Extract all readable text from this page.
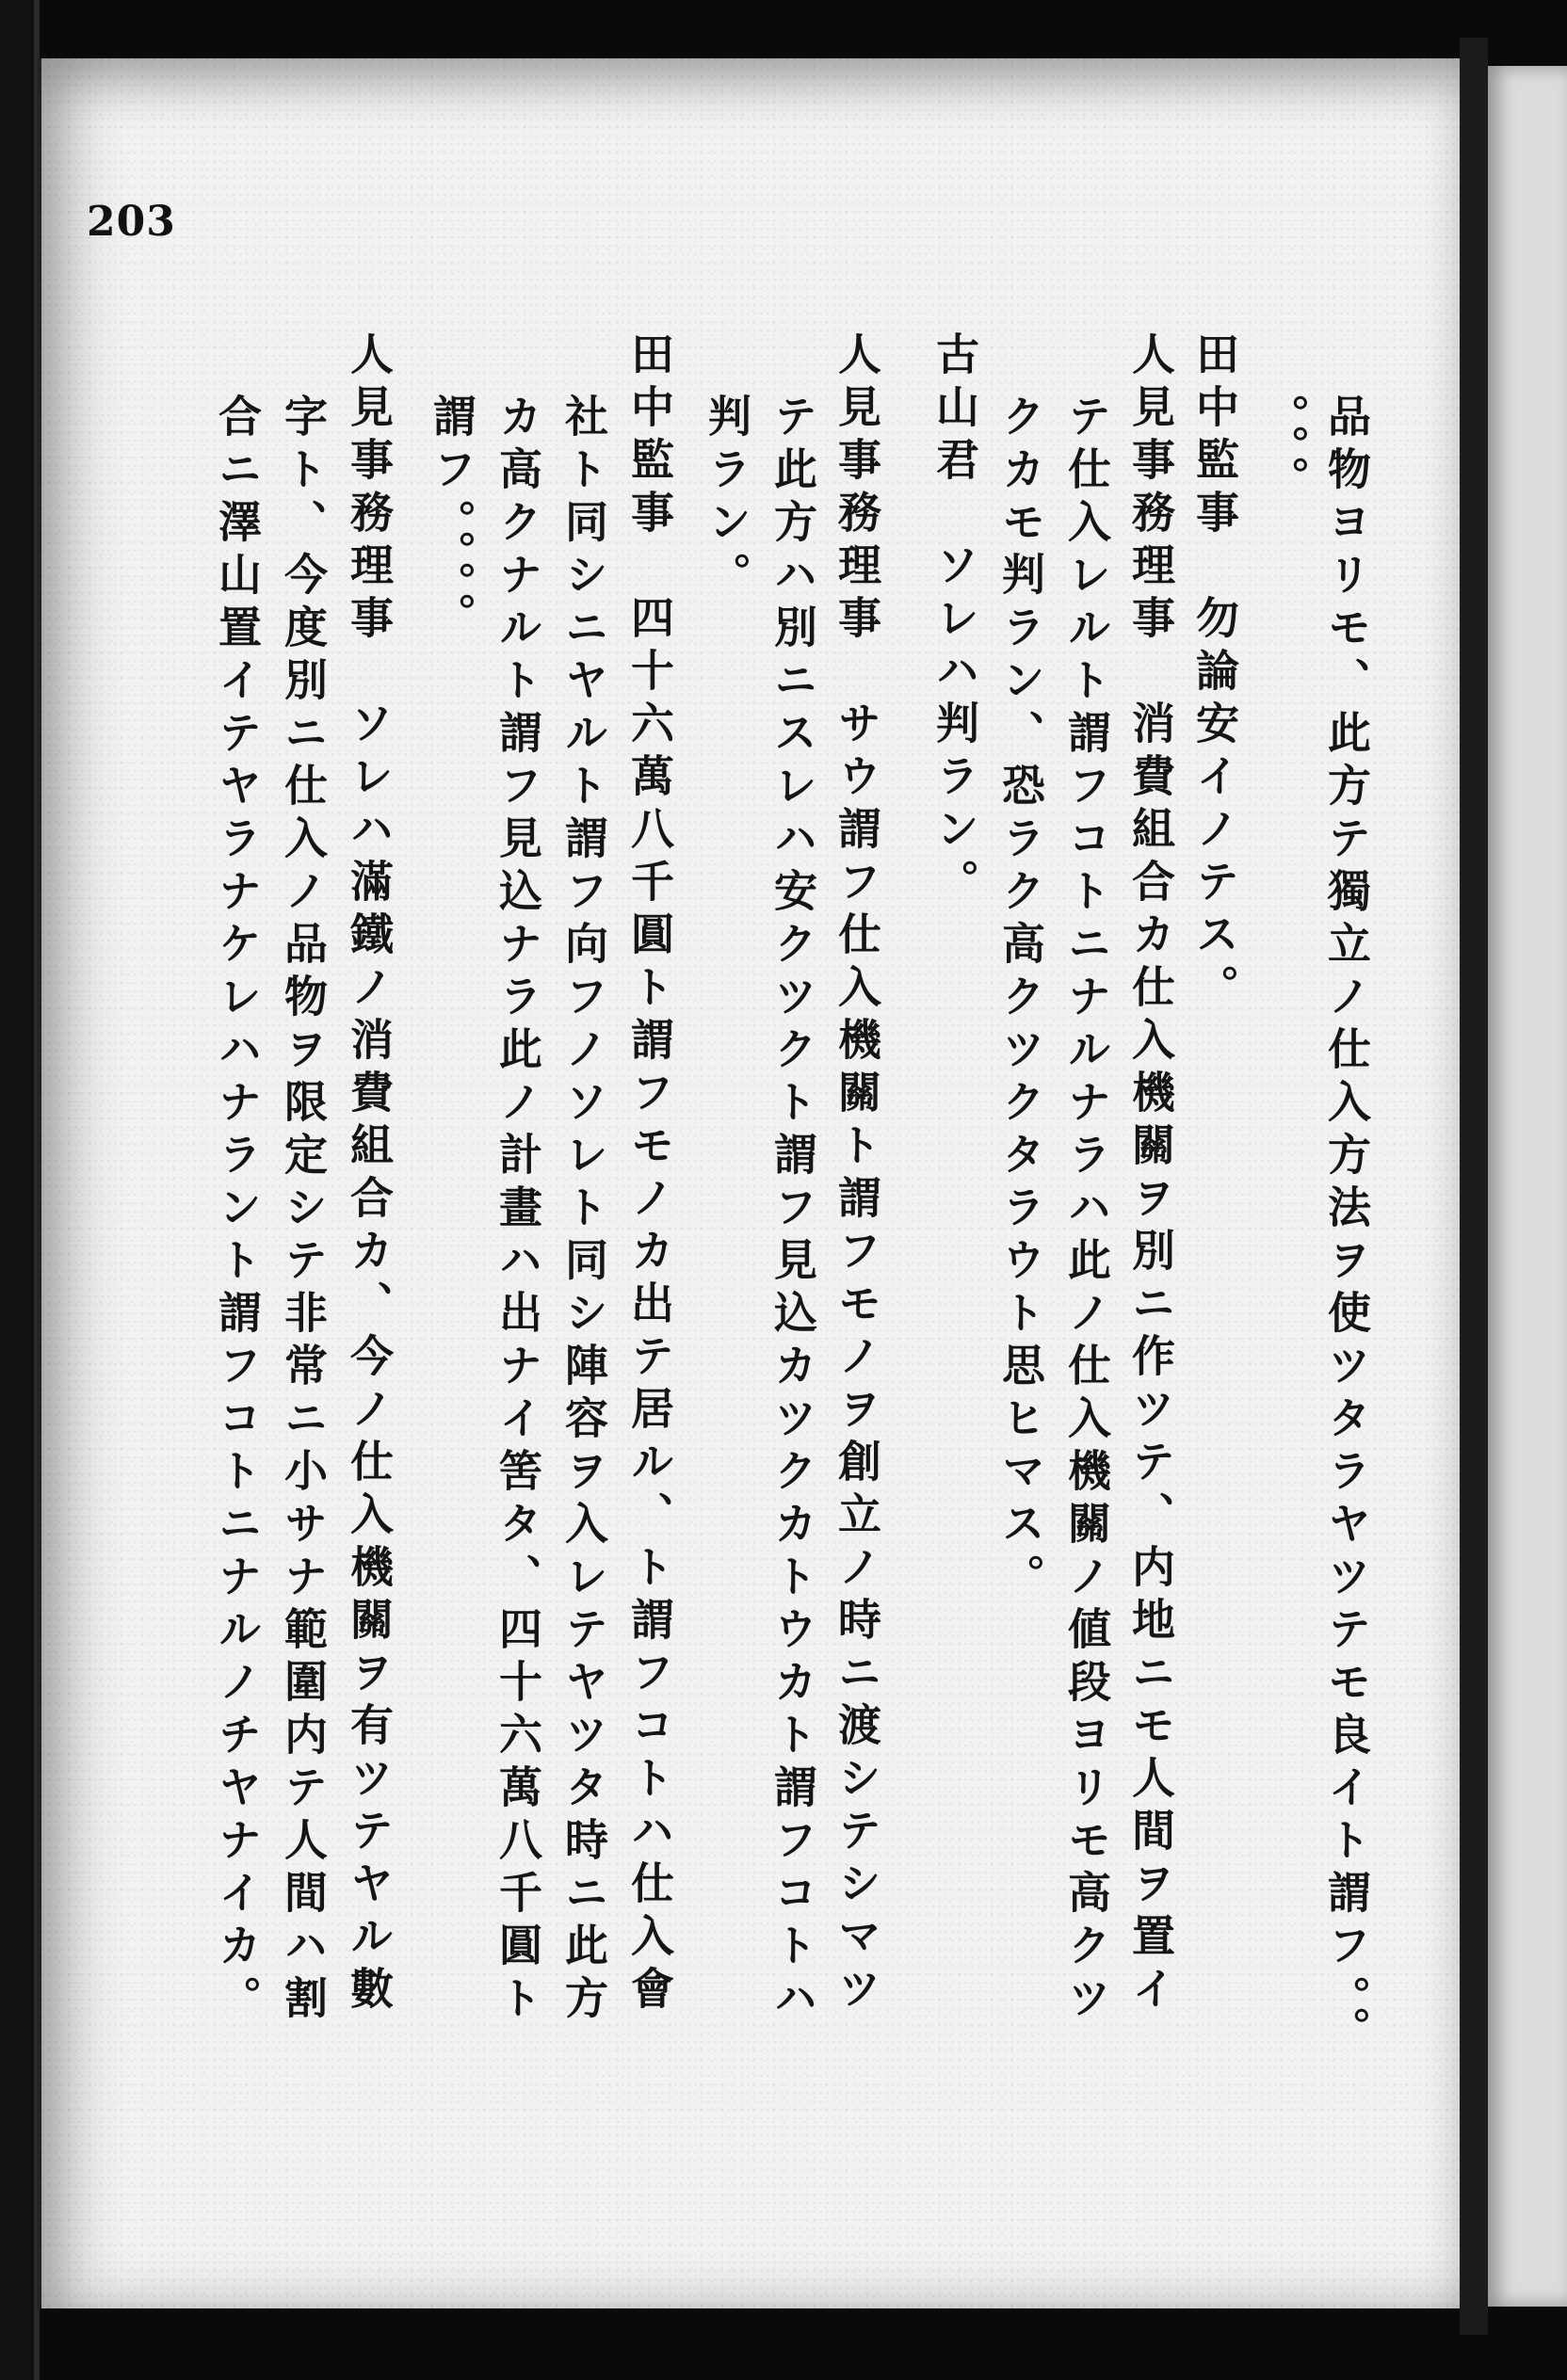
203
品物ヨリモ、此方テ獨立ノ仕入方法ヲ使ツタラヤツテモ良イト謂フ。。
。。。
田中監事　勿論安イノテス。
人見事務理事　消費組合カ仕入機關ヲ別ニ作ツテ、内地ニモ人間ヲ置イ
テ仕入レルト謂フコトニナルナラハ此ノ仕入機關ノ値段ヨリモ高クツ
クカモ判ラン、恐ラク高クツクタラウト思ヒマス。
古山君　ソレハ判ラン。
人見事務理事　サウ謂フ仕入機關ト謂フモノヲ創立ノ時ニ渡シテシマツ
テ此方ハ別ニスレハ安クツクト謂フ見込カツクカトウカト謂フコトハ
判ラン。
田中監事　四十六萬八千圓ト謂フモノカ出テ居ル、ト謂フコトハ仕入會
社ト同シニヤルト謂フ向フノソレト同シ陣容ヲ入レテヤツタ時ニ此方
カ高クナルト謂フ見込ナラ此ノ計畫ハ出ナイ筈タ、四十六萬八千圓ト
謂フ。。。。
人見事務理事　ソレハ滿鐵ノ消費組合カ、今ノ仕入機關ヲ有ツテヤル數
字ト、今度別ニ仕入ノ品物ヲ限定シテ非常ニ小サナ範圍内テ人間ハ割
合ニ澤山置イテヤラナケレハナラント謂フコトニナルノチヤナイカ。
